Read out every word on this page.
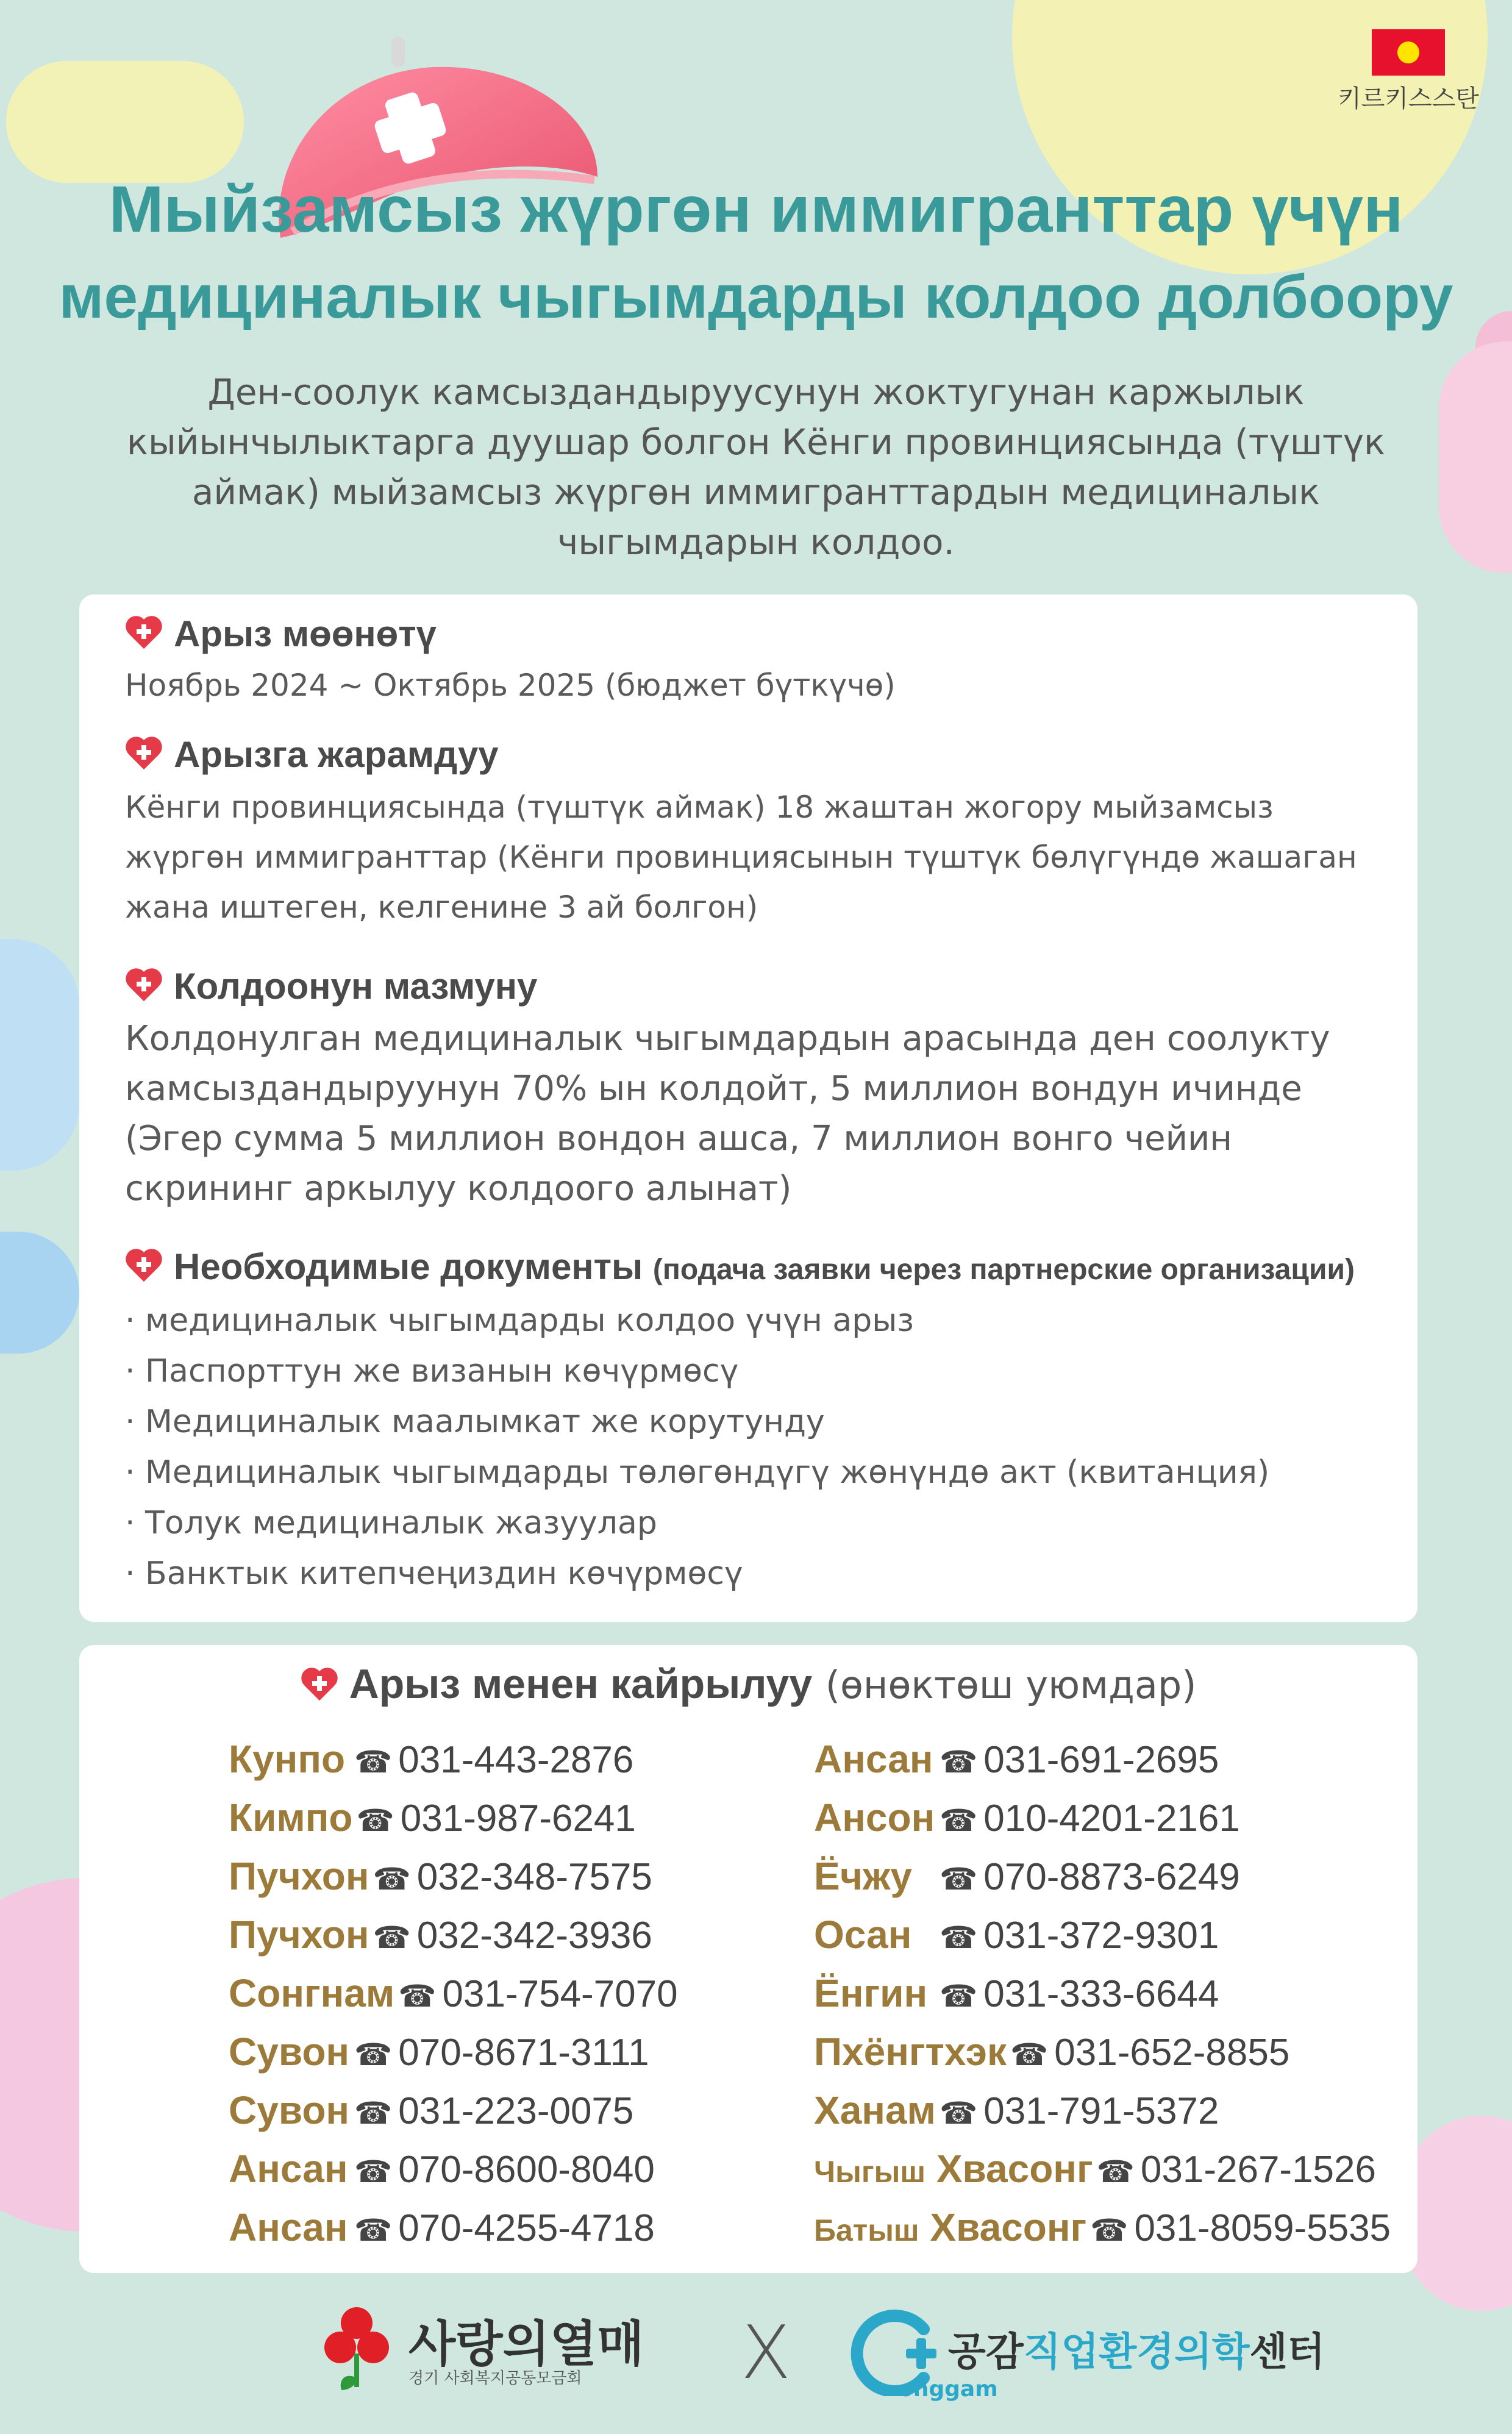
키르키스스탄
Мыйзамсыз жүргөн иммигранттар үчүн
медициналык чыгымдарды колдоо долбоору

Ден-соолук камсыздандыруусунун жоктугунан каржылык кыйынчылыктарга дуушар болгон Кёнги провинциясында (түштүк аймак) мыйзамсыз жүргөн иммигранттардын медициналык чыгымдарын колдоо.

Арыз мөөнөтү

Ноябрь 2024 ~ Октябрь 2025 (бюджет бүткүчө)

Арызга жарамдуу

Кёнги провинциясында (түштүк аймак) 18 жаштан жогору мыйзамсыз жүргөн иммигранттар (Кёнги провинциясынын түштүк бөлүгүндө жашаган жана иштеген, келгенине 3 ай болгон)

Колдоонун мазмуну

Колдонулган медициналык чыгымдардын арасында ден соолукту камсыздандыруунун 70% ын колдойт, 5 миллион вондун ичинде (Эгер сумма 5 миллион вондон ашса, 7 миллион вонго чейин скрининг аркылуу колдоого алынат)

Необходимые документы (подача заявки через партнерские организации)
· медициналык чыгымдарды колдоо үчүн арыз
· Паспорттун же визанын көчүрмөсү
· Медициналык маалымкат же корутунду
· Медициналык чыгымдарды төлөгөндүгү жөнүндө акт (квитанция)
· Толук медициналык жазуулар
· Банктык китепчеңиздин көчүрмөсү
Арыз менен кайрылуу (өнөктөш уюмдар)
Кунпо ☎ 031-443-2876
Кимпо ☎ 031-987-6241
Пучхон ☎ 032-348-7575
Пучхон ☎ 032-342-3936
Сонгнам ☎ 031-754-7070
Сувон ☎ 070-8671-3111
Сувон ☎ 031-223-0075
Ансан ☎ 070-8600-8040
Ансан ☎ 070-4255-4718
Ансан ☎ 031-691-2695
Ансон ☎ 010-4201-2161
Ёчжу ☎ 070-8873-6249
Осан ☎ 031-372-9301
Ёнгин ☎ 031-333-6644
Пхёнгтхэк ☎ 031-652-8855
Ханам ☎ 031-791-5372
Чыгыш Хвасонг ☎ 031-267-1526
Батыш Хвасонг ☎ 031-8059-5535
사랑의열매
경기 사회복지공동모금회 X	공감직업환경의학센터
onggam
